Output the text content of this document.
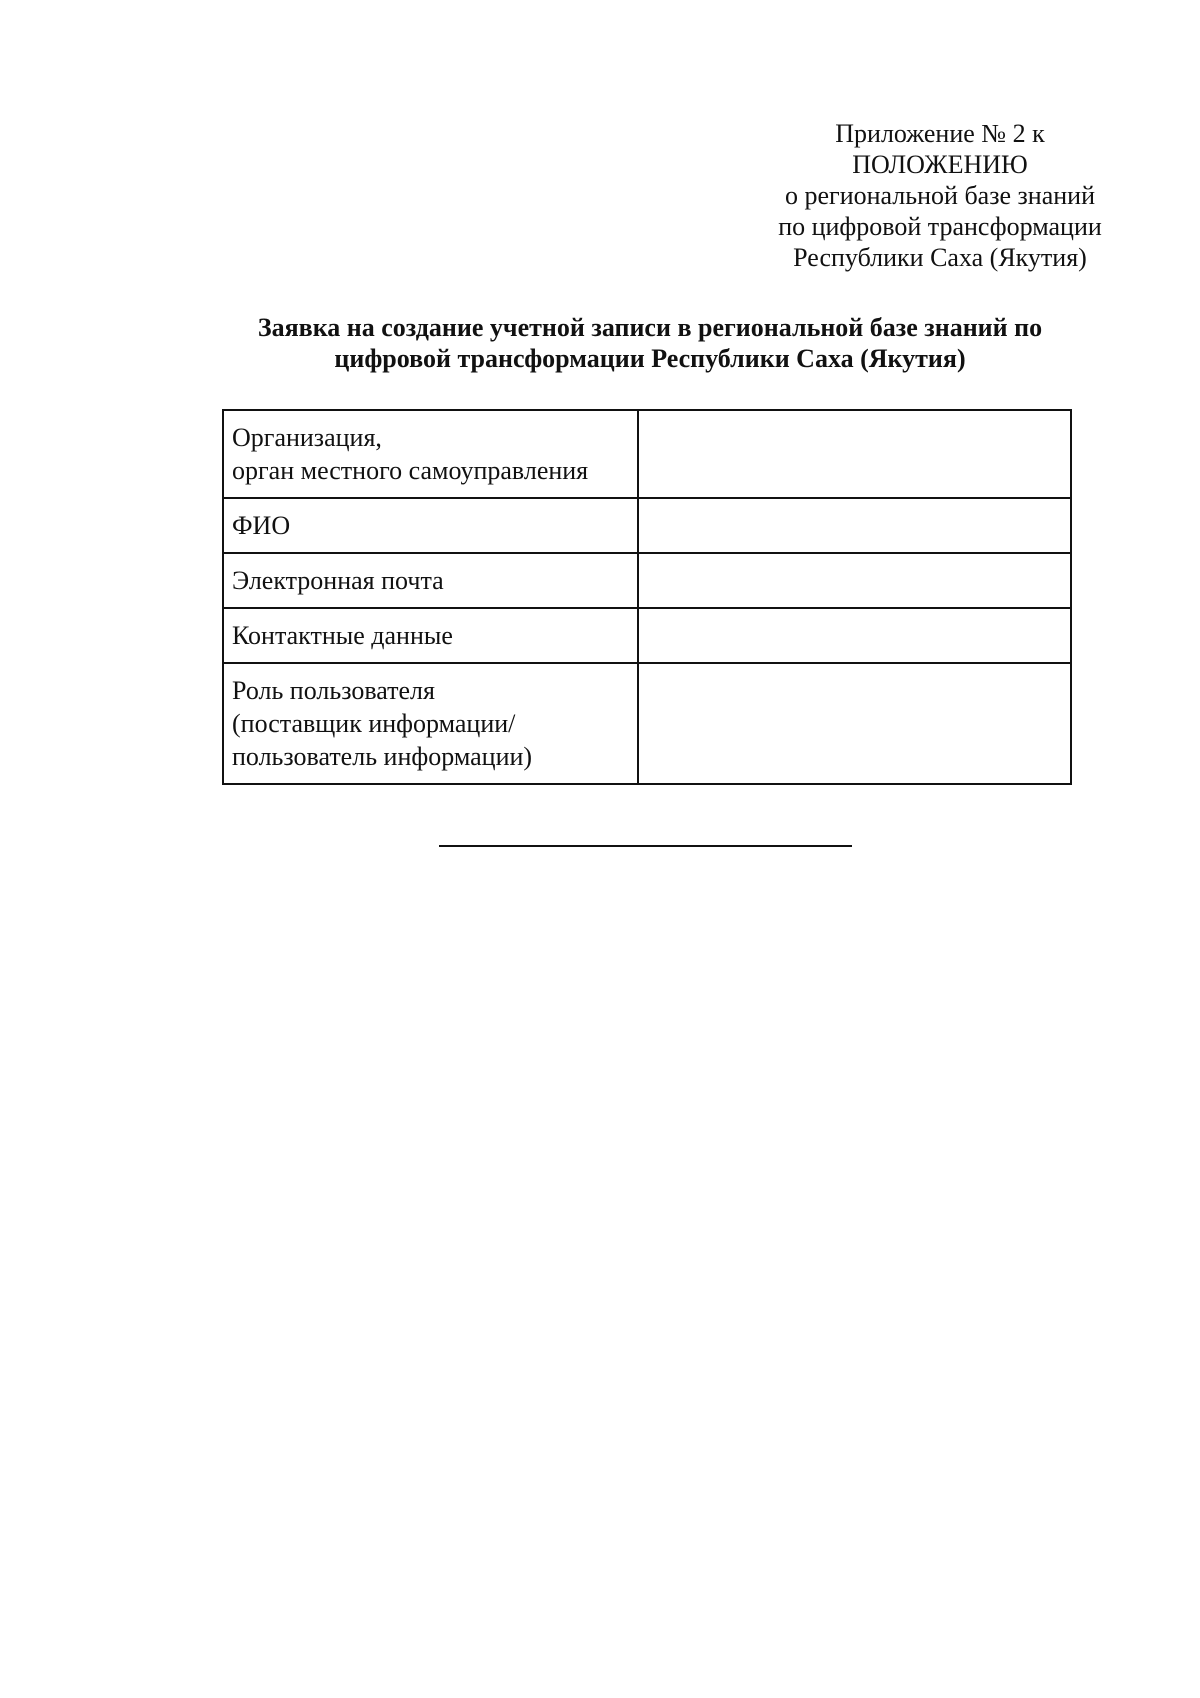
Приложение № 2 к
ПОЛОЖЕНИЮ
о региональной базе знаний
по цифровой трансформации
Республики Саха (Якутия)
Заявка на создание учетной записи в региональной базе знаний по
цифровой трансформации Республики Саха (Якутия)
Организация,
орган местного самоуправления	

ФИО	

Электронная почта	

Контактные данные	

Роль пользователя
(поставщик информации/
пользователь информации)	
